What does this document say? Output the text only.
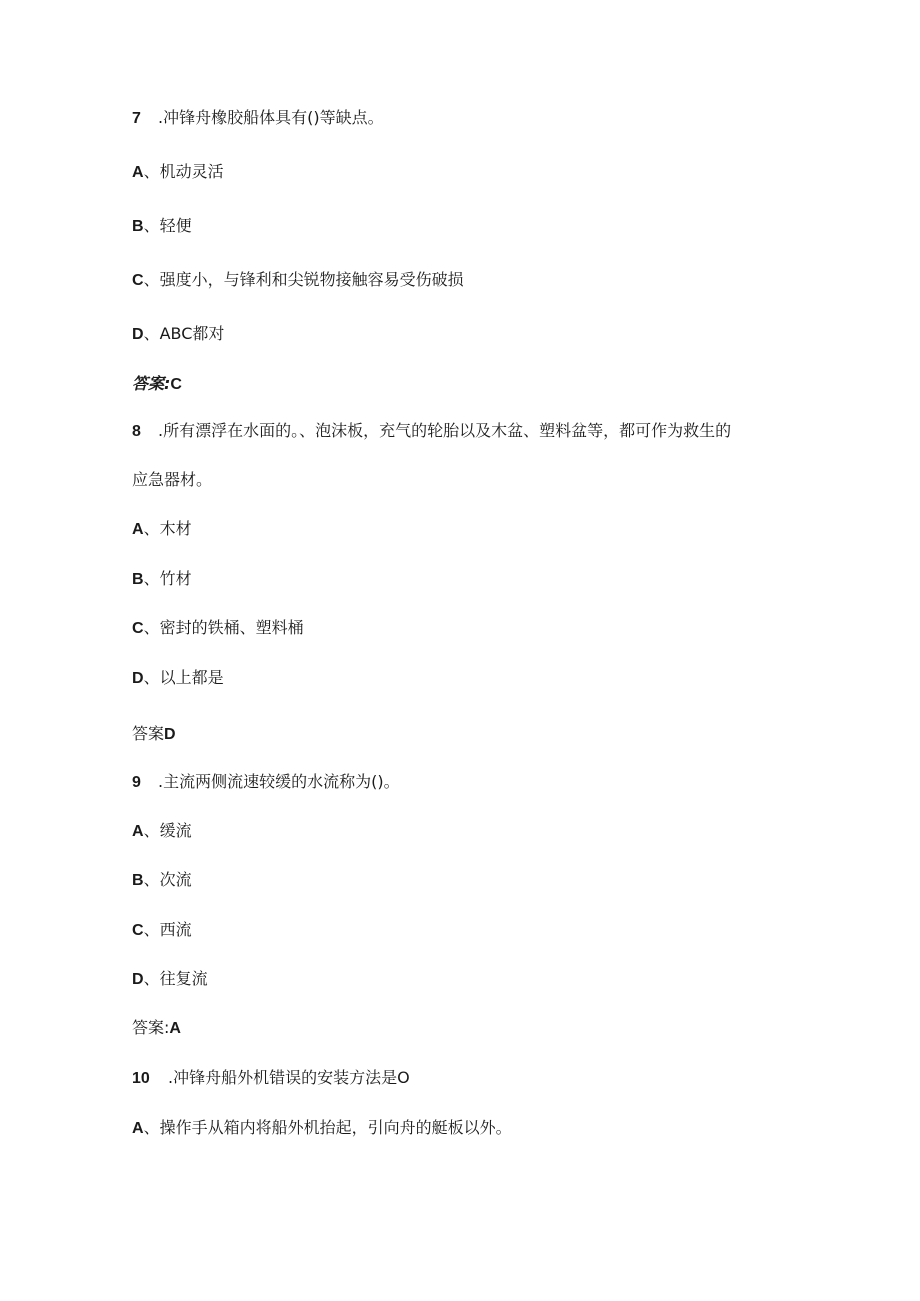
7 .冲锋舟橡胶船体具有()等缺点。
A、机动灵活
B、轻便
C、强度小，与锋利和尖锐物接触容易受伤破损
D、ABC都对
答案:C
8 .所有漂浮在水面的。、泡沫板，充气的轮胎以及木盆、塑料盆等，都可作为救生的
应急器材。
A、木材
B、竹材
C、密封的铁桶、塑料桶
D、以上都是
答案D
9 .主流两侧流速较缓的水流称为()。
A、缓流
B、次流
C、西流
D、往复流
答案:A
10 .冲锋舟船外机错误的安装方法是O
A、操作手从箱内将船外机抬起，引向舟的艇板以外。
